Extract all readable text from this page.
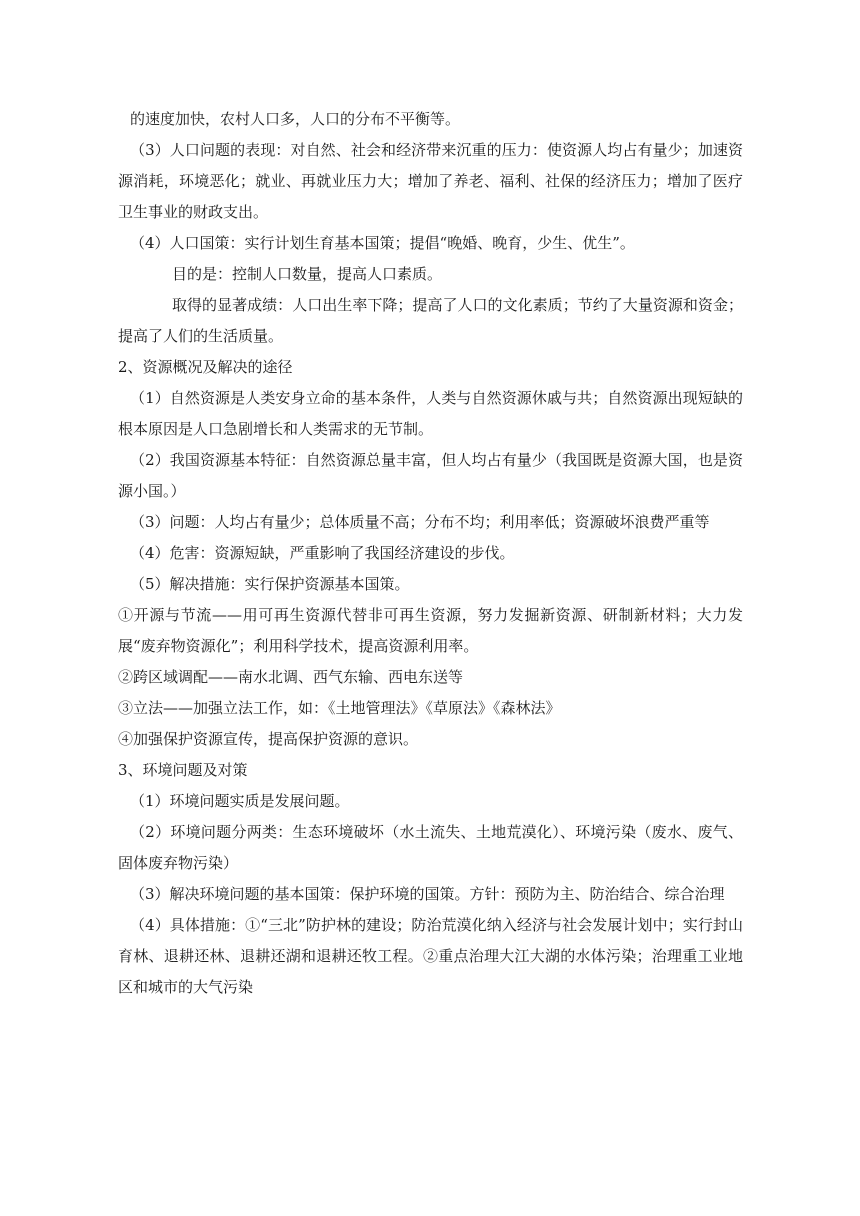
的速度加快，农村人口多，人口的分布不平衡等。

（3）人口问题的表现：对自然、社会和经济带来沉重的压力：使资源人均占有量少；加速资源消耗，环境恶化；就业、再就业压力大；增加了养老、福利、社保的经济压力；增加了医疗卫生事业的财政支出。

（4）人口国策：实行计划生育基本国策；提倡“晚婚、晚育，少生、优生”。

目的是：控制人口数量，提高人口素质。

取得的显著成绩：人口出生率下降；提高了人口的文化素质；节约了大量资源和资金；提高了人们的生活质量。

2、资源概况及解决的途径

（1）自然资源是人类安身立命的基本条件，人类与自然资源休戚与共；自然资源出现短缺的根本原因是人口急剧增长和人类需求的无节制。

（2）我国资源基本特征：自然资源总量丰富，但人均占有量少（我国既是资源大国，也是资源小国。）

（3）问题：人均占有量少；总体质量不高；分布不均；利用率低；资源破坏浪费严重等

（4）危害：资源短缺，严重影响了我国经济建设的步伐。

（5）解决措施：实行保护资源基本国策。

①开源与节流——用可再生资源代替非可再生资源，努力发掘新资源、研制新材料；大力发展“废弃物资源化”；利用科学技术，提高资源利用率。

②跨区域调配——南水北调、西气东输、西电东送等

③立法——加强立法工作，如：《土地管理法》《草原法》《森林法》

④加强保护资源宣传，提高保护资源的意识。

3、环境问题及对策

（1）环境问题实质是发展问题。

（2）环境问题分两类：生态环境破坏（水土流失、土地荒漠化）、环境污染（废水、废气、固体废弃物污染）

（3）解决环境问题的基本国策：保护环境的国策。方针：预防为主、防治结合、综合治理

（4）具体措施：①“三北”防护林的建设；防治荒漠化纳入经济与社会发展计划中；实行封山育林、退耕还林、退耕还湖和退耕还牧工程。②重点治理大江大湖的水体污染；治理重工业地区和城市的大气污染
